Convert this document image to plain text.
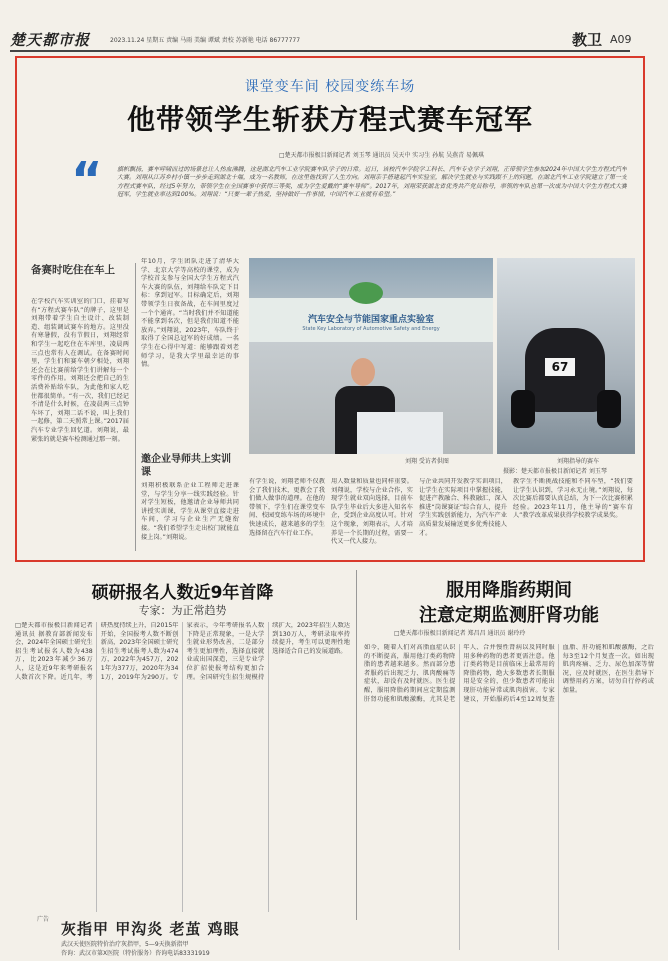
楚天都市报	2023.11.24 星期五 责编 马雨 美编 谭斌 责校 苏新艳 电话 86777777	教卫 A09
课堂变车间 校园变练车场
他带领学生斩获方程式赛车冠军
□楚天都市报极目新闻记者 刘玉琴 通讯员 吴天中 实习生 孙航 吴燕青 易佩琪
“ 旗帜飘扬，赛车呼啸而过的场景总让人热血沸腾，这是湖北汽车工业学院赛车队学子的日常。近日，该校汽车学院学工科长、汽车专业学子刘翔，正带领学生参加2024年中国大学生方程式汽车大赛。刘翔从江苏乡村小镇一步步走到湖北十堰，成为一名教师，在这里他找到了人生方向。刘翔亲手搭建起汽车实验室，解决学生就业与实践跟不上的问题，在湖北汽车工业学院建立了第一支方程式赛车队，经过5年努力，带领学生在全国赛事中获得三等奖，成为学生爱戴的“赛车导师”。2017年，刘翔荣获湖北省优秀共产党员称号，率领的车队也第一次成为中国大学生方程式大赛冠军，学生就业率达到100%。刘翔说：“只要一辈子热爱，坚持做好一件事情，中国汽车工业就有希望。”
备赛时吃住在车上
在学校汽车实训室的门口，挂着写有“方程式赛车队”的牌子，这里是刘翔带着学生自主设计、改装制造、组装调试赛车的地方。这里没有寒暑假，没有节假日，刘翔经常和学生一起吃住在车库里，凌晨两三点也常有人在调试。在备赛时间里，学生们和赛车朝夕相处，刘翔还会在比赛前给学生们讲解每一个零件的作用。刘翔还会把自己的生活费补贴给车队，为此他和家人吃住都很简单。“有一次，我们已经记不清是什么时候，在凌晨两三点钟车坏了，刘翔二话不说，叫上我们一起修，第二天照常上课。”2017届汽车专业学生回忆道。刘翔说，最紧张的就是赛车检测通过那一刻。
年10月，学生团队走进了清华大学、北京大学等高校的课堂，成为学校首支参与全国大学生方程式汽车大赛的队伍，刘翔给车队定下目标：拿到冠军。目标确定后，刘翔带领学生日夜备战，在车间里度过一个个通宵。“当时我们并不知道能不能拿到名次，但是我们知道不能放弃。”刘翔说，2023年，车队终于取得了全国总冠军的好成绩。一名学生在心得中写道：能够跟着刘老师学习，是我大学里最幸运的事情。
邀企业导师共上实训课
刘翔积极联系企业工程师走进课堂，与学生分享一线实践经验。针对学生短板，他邀请企业导师共同讲授实训课，学生从课堂直接走进车间，学习与企业生产无缝衔接。“我们希望学生走出校门就能直接上岗。”刘翔说。
汽车安全与节能国家重点实验室
State Key Laboratory of Automotive Safety and Energy
刘翔 受访者供图
67
刘翔指导的赛车
摄影：楚天都市报极目新闻记者 刘玉琴
有学生说，刘翔老师不仅教会了我们技术，更教会了我们做人做事的道理。在他的带领下，学生们在课堂变车间、校园变练车场的环境中快速成长，越来越多的学生选择留在汽车行业工作。
用人数量和质量也同样重要。刘翔说，学校与企业合作，实现学生就业双向选择，目前车队学生毕业后大多进入知名车企，受到企业高度认可。针对这个现象，刘翔表示，人才培养是一个长期的过程，需要一代又一代人接力。
与企业共同开发教学实训项目，让学生在实际项目中掌握技能，促进产教融合、科教融汇，深入推进“岗课赛证”综合育人，提升学生实践创新能力，为汽车产业高质量发展输送更多优秀技能人才。
教学生不断挑战技能和不同车型，“我们要让学生认识到，学习永无止境。”刘翔说，每次比赛后都要认真总结，为下一次比赛积累经验。2023年11月，他主导的“赛车育人”教学改革成果获得学校教学成果奖。
硕研报名人数近9年首降
专家：为正常趋势
□楚天都市报极目新闻记者 通讯员 据教育部新闻发布会，2024年全国硕士研究生招生考试报名人数为438万，比2023年减少36万人，这是近9年来考研报名人数首次下降。近几年，考研热度持续上升，自2015年开始，全国报考人数不断创新高，2023年全国硕士研究生招生考试报考人数为474万，2022年为457万，2021年为377万，2020年为341万，2019年为290万。专家表示，今年考研报名人数下降是正常现象，一是大学生就业形势改善，二是部分考生更加理性，选择直接就业或出国深造，三是专业学位扩招使报考结构更加合理。全国研究生招生规模持续扩大，2023年招生人数达到130万人，考研录取率持续提升，考生可以更理性地选择适合自己的发展道路。
服用降脂药期间
注意定期监测肝肾功能
□楚天都市报极目新闻记者 郑昌昌 通讯员 谢玲玲
如今，随着人们对高脂血症认识的不断提高，服用他汀类药物降脂的患者越来越多。然而部分患者服药后出现乏力、肌肉酸痛等症状，却没有及时就医。医生提醒，服用降脂药期间应定期监测肝肾功能和肌酸激酶，尤其是老年人、合并慢性肾病以及同时服用多种药物的患者更需注意。他汀类药物是目前临床上最常用的降脂药物，绝大多数患者长期服用是安全的，但少数患者可能出现肝功能异常或肌肉损害。专家建议，开始服药后4至12周复查血脂、肝功能和肌酸激酶，之后每3至12个月复查一次。如出现肌肉疼痛、乏力、尿色加深等情况，应及时就医，在医生指导下调整用药方案，切勿自行停药或加量。
广告
灰指甲 甲沟炎 老茧 鸡眼
武汉天使医院特价治疗灰指甲，5—9天换新指甲
咨询：武汉市第X医院（特价服务）咨询电话83331919
